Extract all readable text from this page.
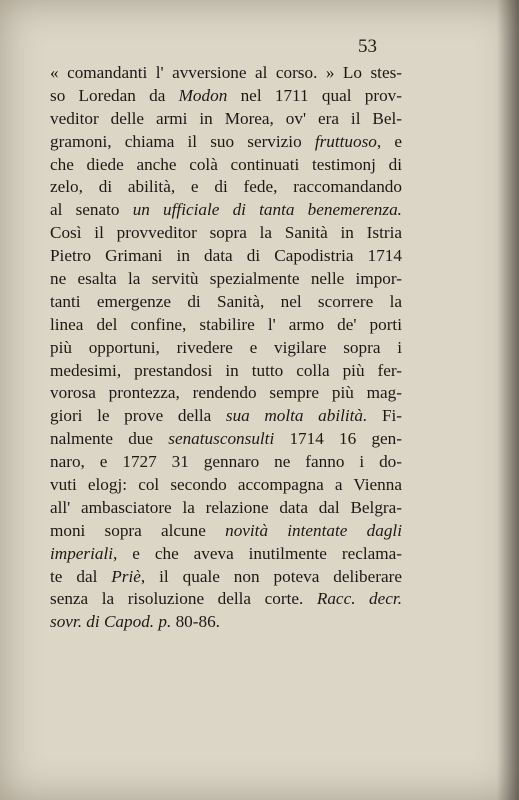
53
« comandanti l' avversione al corso. » Lo stes-
so Loredan da Modon nel 1711 qual prov-
veditor delle armi in Morea, ov' era il Bel-
gramoni, chiama il suo servizio fruttuoso, e
che diede anche colà continuati testimonj di
zelo, di abilità, e di fede, raccomandando
al senato un ufficiale di tanta benemerenza.
Così il provveditor sopra la Sanità in Istria
Pietro Grimani in data di Capodistria 1714
ne esalta la servitù spezialmente nelle impor-
tanti emergenze di Sanità, nel scorrere la
linea del confine, stabilire l' armo de' porti
più opportuni, rivedere e vigilare sopra i
medesimi, prestandosi in tutto colla più fer-
vorosa prontezza, rendendo sempre più mag-
giori le prove della sua molta abilità. Fi-
nalmente due senatusconsulti 1714 16 gen-
naro, e 1727 31 gennaro ne fanno i do-
vuti elogj: col secondo accompagna a Vienna
all' ambasciatore la relazione data dal Belgra-
moni sopra alcune novità intentate dagli
imperiali, e che aveva inutilmente reclama-
te dal Priè, il quale non poteva deliberare
senza la risoluzione della corte. Racc. decr.
sovr. di Capod. p. 80-86.
